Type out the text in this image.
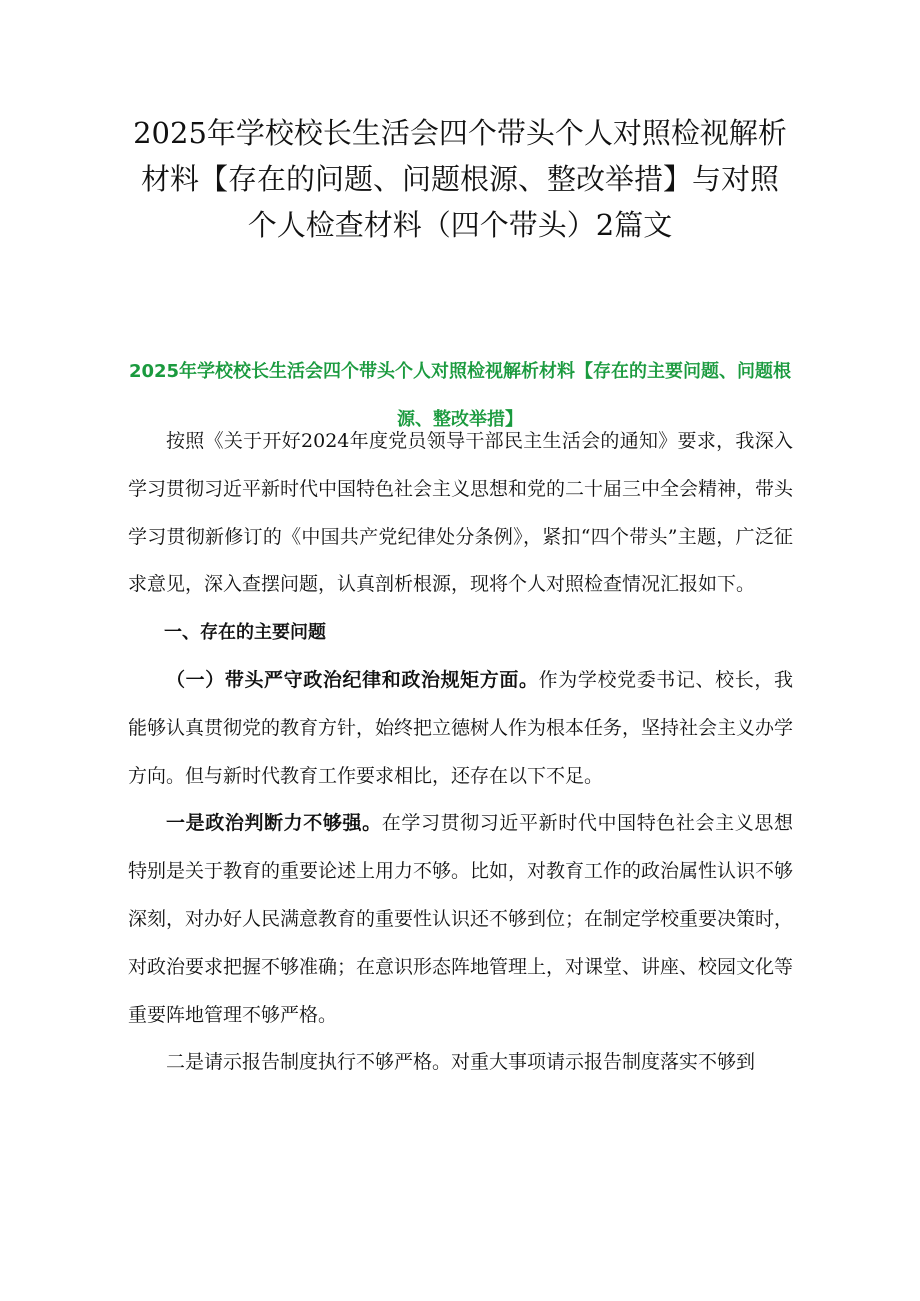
2025年学校校长生活会四个带头个人对照检视解析材料【存在的问题、问题根源、整改举措】与对照个人检查材料（四个带头）2篇文
2025年学校校长生活会四个带头个人对照检视解析材料【存在的主要问题、问题根源、整改举措】

按照《关于开好2024年度党员领导干部民主生活会的通知》要求，我深入学习贯彻习近平新时代中国特色社会主义思想和党的二十届三中全会精神，带头学习贯彻新修订的《中国共产党纪律处分条例》，紧扣“四个带头”主题，广泛征求意见，深入查摆问题，认真剖析根源，现将个人对照检查情况汇报如下。

一、存在的主要问题

（一）带头严守政治纪律和政治规矩方面。作为学校党委书记、校长，我能够认真贯彻党的教育方针，始终把立德树人作为根本任务，坚持社会主义办学方向。但与新时代教育工作要求相比，还存在以下不足。

一是政治判断力不够强。在学习贯彻习近平新时代中国特色社会主义思想特别是关于教育的重要论述上用力不够。比如，对教育工作的政治属性认识不够深刻，对办好人民满意教育的重要性认识还不够到位；在制定学校重要决策时，对政治要求把握不够准确；在意识形态阵地管理上，对课堂、讲座、校园文化等重要阵地管理不够严格。

二是请示报告制度执行不够严格。对重大事项请示报告制度落实不够到
